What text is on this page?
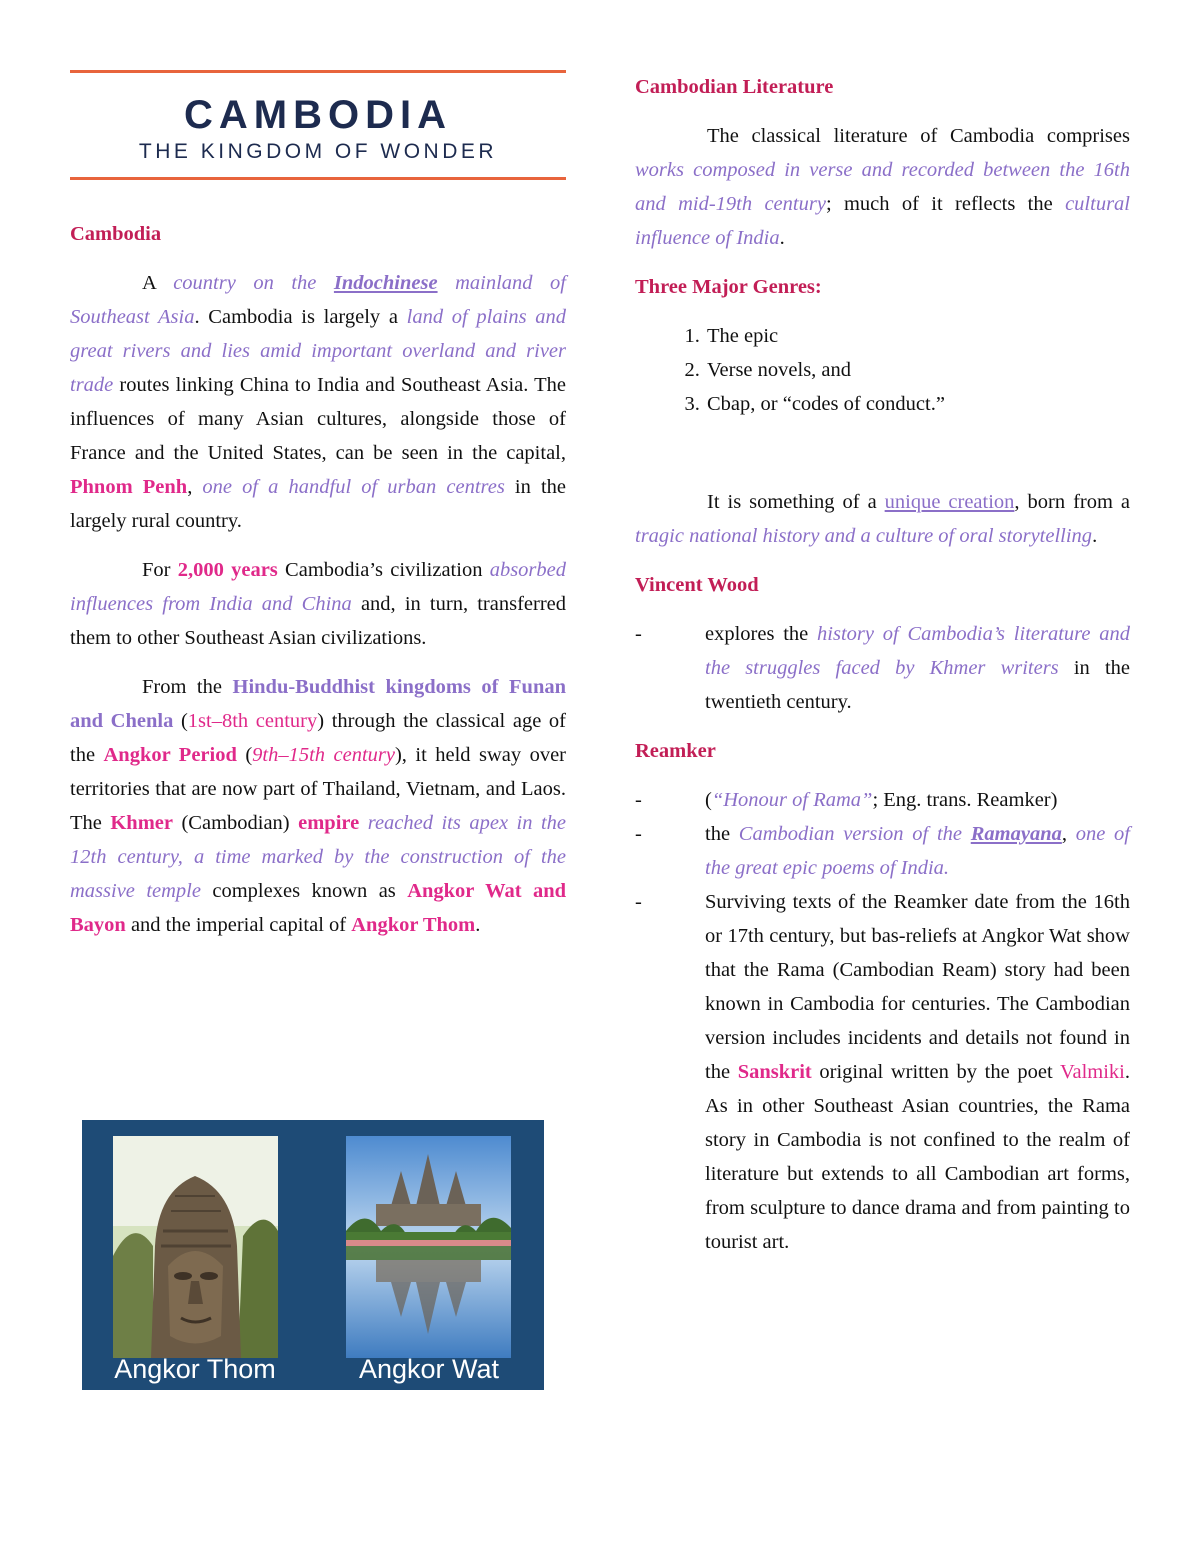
CAMBODIA
THE KINGDOM OF WONDER
Cambodia

A country on the Indochinese mainland of Southeast Asia. Cambodia is largely a land of plains and great rivers and lies amid important overland and river trade routes linking China to India and Southeast Asia. The influences of many Asian cultures, alongside those of France and the United States, can be seen in the capital, Phnom Penh, one of a handful of urban centres in the largely rural country.

For 2,000 years Cambodia’s civilization absorbed influences from India and China and, in turn, transferred them to other Southeast Asian civilizations.

From the Hindu-Buddhist kingdoms of Funan and Chenla (1st–8th century) through the classical age of the Angkor Period (9th–15th century), it held sway over territories that are now part of Thailand, Vietnam, and Laos. The Khmer (Cambodian) empire reached its apex in the 12th century, a time marked by the construction of the massive temple complexes known as Angkor Wat and Bayon and the imperial capital of Angkor Thom.

Angkor Thom	Angkor Wat
Cambodian Literature

The classical literature of Cambodia comprises works composed in verse and recorded between the 16th and mid-19th century; much of it reflects the cultural influence of India.

Three Major Genres:
1. The epic
2. Verse novels, and
3. Cbap, or “codes of conduct.”

It is something of a unique creation, born from a tragic national history and a culture of oral storytelling.

Vincent Wood
-	explores the history of Cambodia’s literature and the struggles faced by Khmer writers in the twentieth century.
Reamker
-	(“Honour of Rama”; Eng. trans. Reamker)
-	the Cambodian version of the Ramayana, one of the great epic poems of India.
-	Surviving texts of the Reamker date from the 16th or 17th century, but bas-reliefs at Angkor Wat show that the Rama (Cambodian Ream) story had been known in Cambodia for centuries. The Cambodian version includes incidents and details not found in the Sanskrit original written by the poet Valmiki. As in other Southeast Asian countries, the Rama story in Cambodia is not confined to the realm of literature but extends to all Cambodian art forms, from sculpture to dance drama and from painting to tourist art.
